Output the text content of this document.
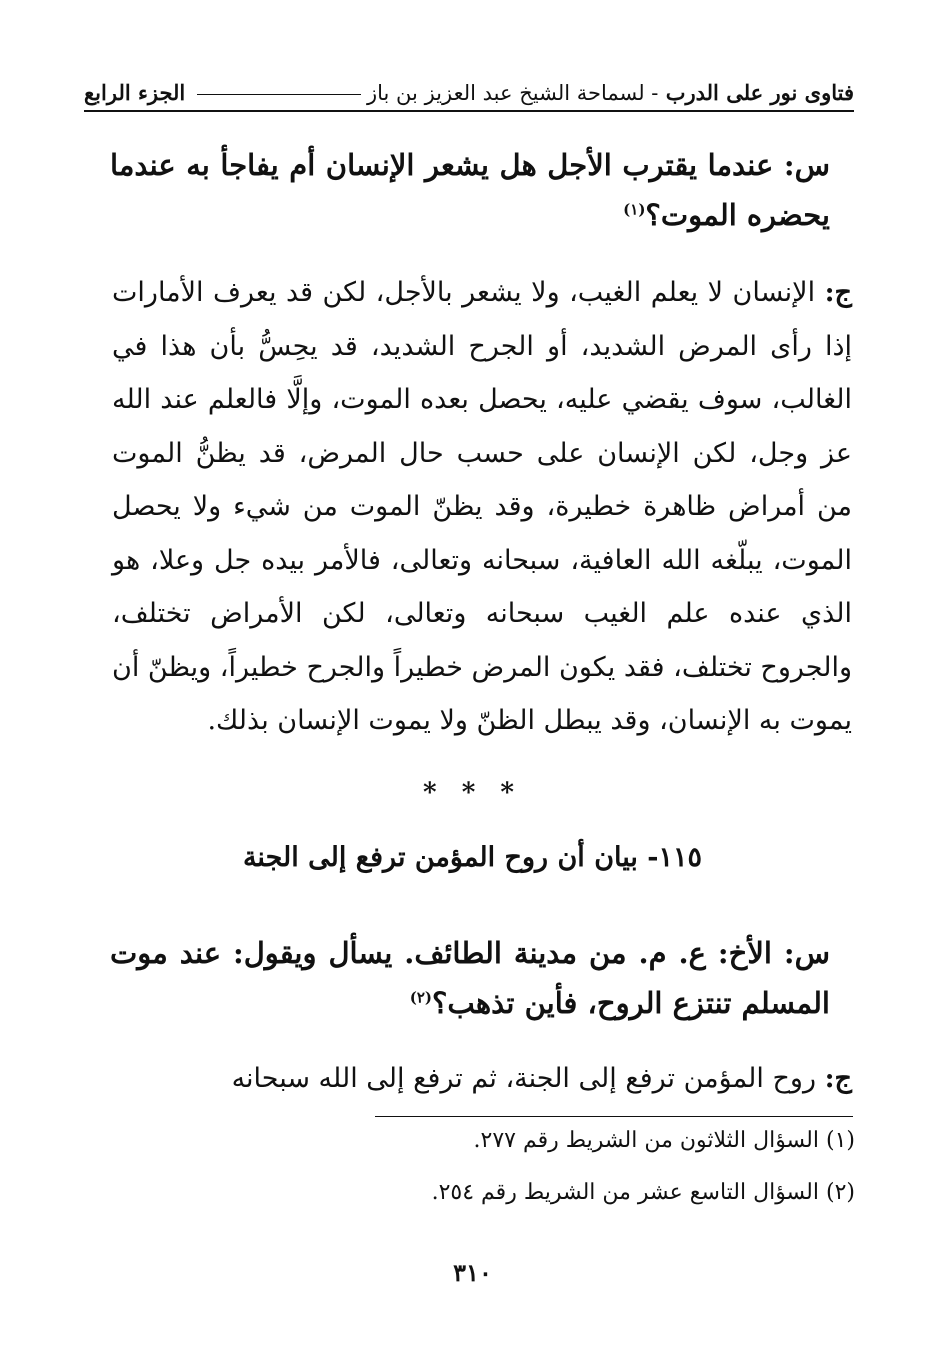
فتاوى نور على الدرب - لسماحة الشيخ عبد العزيز بن باز
الجزء الرابع
س: عندما يقترب الأجل هل يشعر الإنسان أم يفاجأ به عندما يحضره الموت؟$^{(١)}$
ج: الإنسان لا يعلم الغيب، ولا يشعر بالأجل، لكن قد يعرف الأمارات إذا رأى المرض الشديد، أو الجرح الشديد، قد يحِسُّ بأن هذا في الغالب، سوف يقضي عليه، يحصل بعده الموت، وإلَّا فالعلم عند الله عز وجل، لكن الإنسان على حسب حال المرض، قد يظنُّ الموت من أمراض ظاهرة خطيرة، وقد يظنّ الموت من شيء ولا يحصل الموت، يبلّغه الله العافية، سبحانه وتعالى، فالأمر بيده جل وعلا، هو الذي عنده علم الغيب سبحانه وتعالى، لكن الأمراض تختلف، والجروح تختلف، فقد يكون المرض خطيراً والجرح خطيراً، ويظنّ أن يموت به الإنسان، وقد يبطل الظنّ ولا يموت الإنسان بذلك.
* * *
١١٥- بيان أن روح المؤمن ترفع إلى الجنة
س: الأخ: ع. م. من مدينة الطائف. يسأل ويقول: عند موت المسلم تنتزع الروح، فأين تذهب؟$^{(٢)}$
ج: روح المؤمن ترفع إلى الجنة، ثم ترفع إلى الله سبحانه
(١) السؤال الثلاثون من الشريط رقم ٢٧٧.
(٢) السؤال التاسع عشر من الشريط رقم ٢٥٤.
٣١٠
